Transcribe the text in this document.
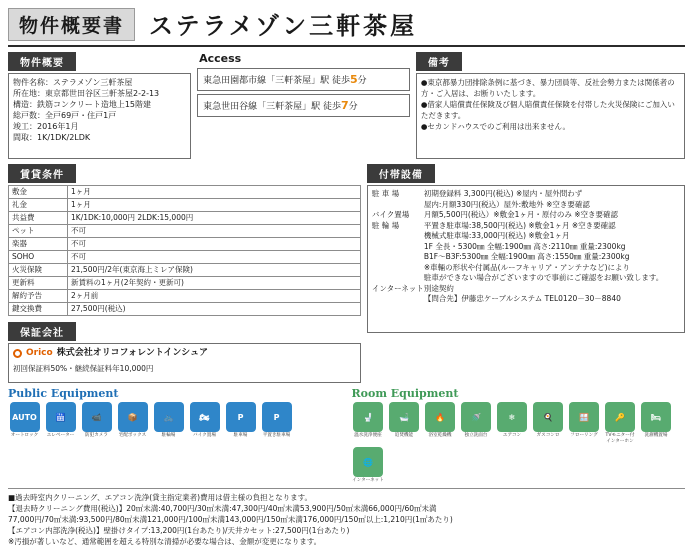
物件概要書	ステラメゾン三軒茶屋
物件概要
物件名称：ステラメゾン三軒茶屋
所在地：東京都世田谷区三軒茶屋2-2-13
構造：鉄筋コンクリート造地上15階建
総戸数：全戸69戸・住戸1戸
竣工：2016年1月
間取：1K/1DK/2LDK
Access
東急田園都市線「三軒茶屋」駅 徒歩5分
東急世田谷線「三軒茶屋」駅 徒歩7分
備考
●東京都暴力団排除条例に基づき、暴力団員等、反社会勢力または関係者の方・ご入居は、お断りいたします。
●借家人賠償責任保険及び個人賠償責任保険を付帯した火災保険にご加入いただきます。
●セカンドハウスでのご利用は出来ません。
賃貸条件
敷金	1ヶ月
礼金	1ヶ月
共益費	1K/1DK:10,000円 2LDK:15,000円
ペット	不可
楽器	不可
SOHO	不可
火災保険	21,500円/2年(東京海上ミレア保険)
更新料	新賃料の1ヶ月(2年契約・更新可)
解約予告	2ヶ月前
鍵交換費	27,500円(税込)
保証会社
Orico 株式会社オリコフォレントインシュア
初回保証料50%・継続保証料年10,000円
付帯設備
駐 車 場	初期登録料 3,300円(税込) ※屋内・屋外問わず
屋内:月額330円(税込）屋外:敷地外 ※空き要確認
バイク置場 月額5,500円(税込）※敷金1ヶ月・原付のみ ※空き要確認
駐 輪 場	平置き駐車場:38,500円(税込) ※敷金1ヶ月 ※空き要確認
機械式駐車場:33,000円(税込) ※敷金1ヶ月
1F 全長・5300㎜ 全幅:1900㎜ 高さ:2110㎜ 重量:2300kg
B1F〜B3F:5300㎜ 全幅:1900㎜ 高さ:1550㎜ 重量:2300kg
※車輛の形状や付属品(ルーフキャリア・アンテナなど)により
駐車ができない場合がございますので事前にご確認をお願い致します。
インターネット別途契約
【問合先】伊藤忠ケーブルシステム TEL0120－30－8840
Public Equipment
AUTO
オートロック
🛗
エレベーター
📹
防犯カメラ
📦
宅配ボックス
🚲
駐輪場
🏍
バイク置場
P
駐車場
P
平置き駐車場
Room Equipment
🚽
温水洗浄便座
🛁
追焚機能
🔥
浴室乾燥機
🚿
独立洗面台
❄
エアコン
🍳
ガスコンロ
🪟
フローリング
🔑
TVモニター付インターホン
🛏
洗濯機置場
🌐
インターネット
■過去時室内クリーニング、エアコン洗浄(貸主指定業者)費用は借主様の負担となります。
【退去時クリーニング費用(税込)】20㎡未満:40,700円/30㎡未満:47,300円/40㎡未満53,900円/50㎡未満66,000円/60㎡未満
77,000円/70㎡未満:93,500円/80㎡未満121,000円/100㎡未満143,000円/150㎡未満176,000円/150㎡以上:1,210円(1㎡あたり)
【エアコン内部洗浄(税込)】壁掛けタイプ:13,200円(1台あたり)/天井カセット:27,500円(1台あたり)
※汚損が著しいなど、通常範囲を超える特別な清掃が必要な場合は、金額が変更になります。
